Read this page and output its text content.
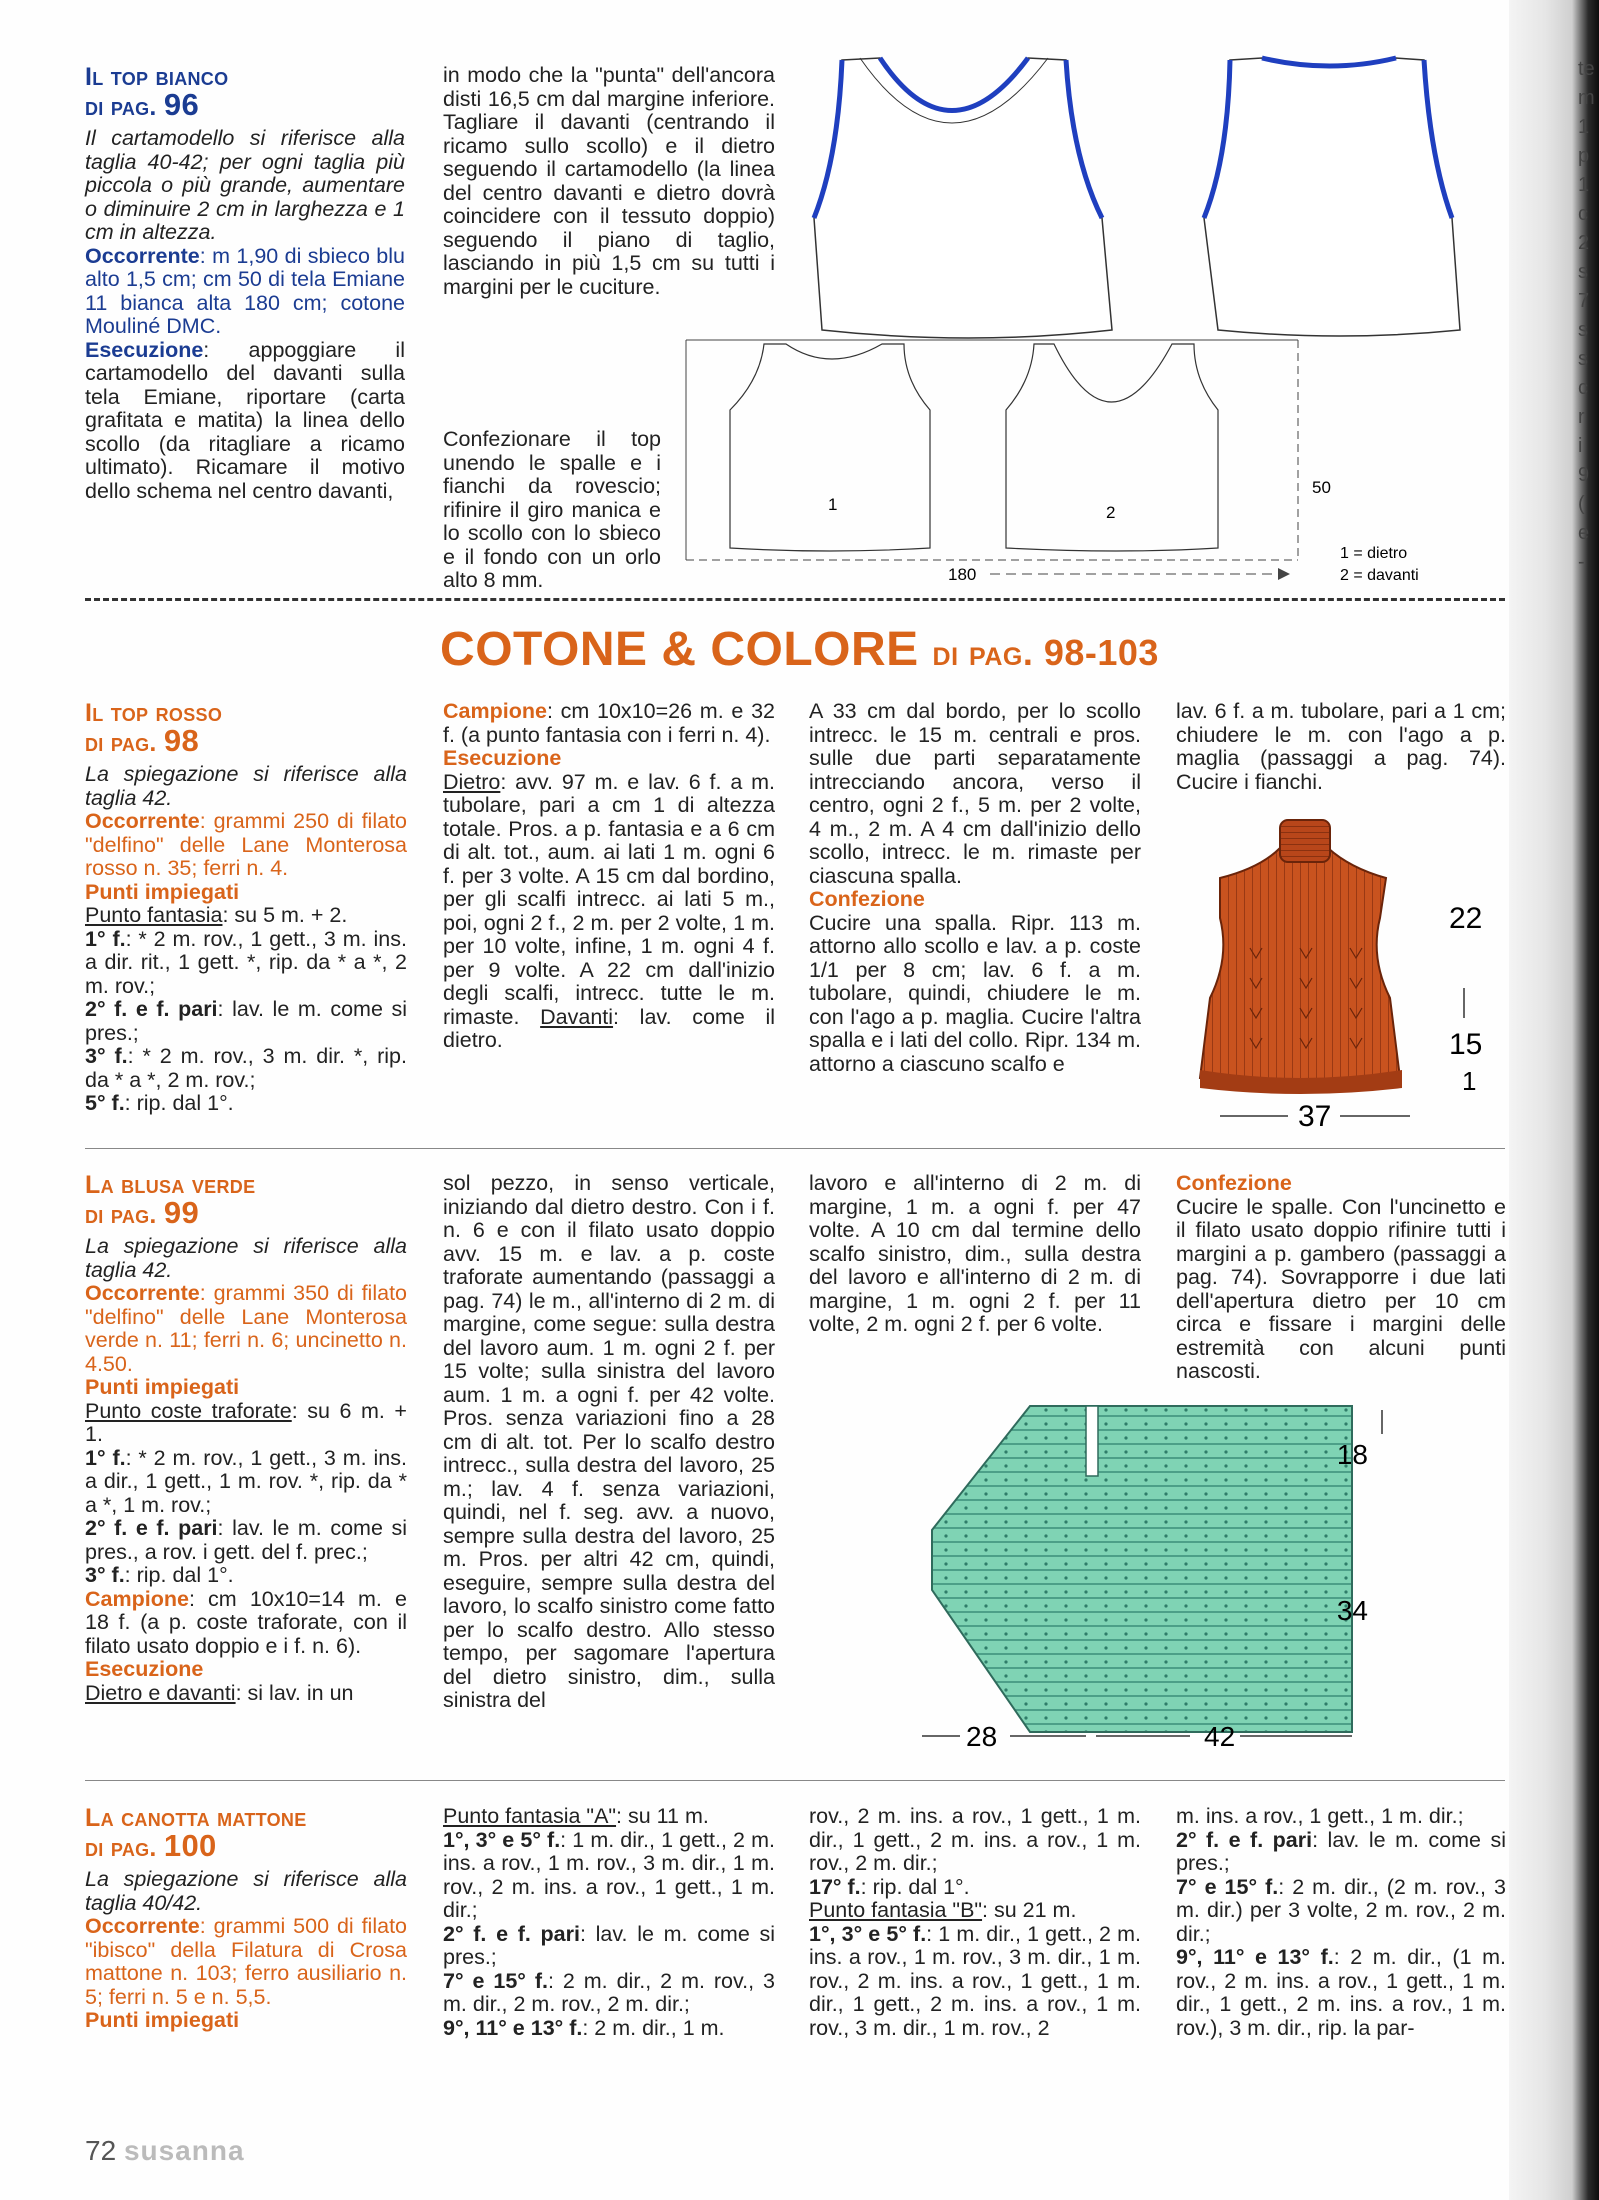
te
m
1
p
1
c
2
s
7
s
s
c
r
i
9
(
e
-
Il top bianco
di pag. 96

Il cartamodello si riferisce alla taglia 40-42; per ogni taglia più piccola o più grande, aumentare o diminuire 2 cm in larghezza e 1 cm in altezza.

Occorrente: m 1,90 di sbieco blu alto 1,5 cm; cm 50 di tela Emiane 11 bianca alta 180 cm; cotone Mouliné DMC.

Esecuzione: appoggiare il cartamodello del davanti sulla tela Emiane, riportare (carta grafitata e matita) la linea dello scollo (da ritagliare a ricamo ultimato). Ricamare il motivo dello schema nel centro davanti,

in modo che la "punta" dell'ancora disti 16,5 cm dal margine inferiore. Tagliare il davanti (centrando il ricamo sullo scollo) e il dietro seguendo il cartamodello (la linea del centro davanti e dietro dovrà coincidere con il tessuto doppio) seguendo il piano di taglio, lasciando in più 1,5 cm su tutti i margini per le cuciture.

Confezionare il top unendo le spalle e i fianchi da rovescio; rifinire il giro manica e lo scollo con lo sbieco e il fondo con un orlo alto 8 mm.

1	2
50
180
1 = dietro
2 = davanti
COTONE & COLORE di pag. 98-103
Il top rosso
di pag. 98

La spiegazione si riferisce alla taglia 42.

Occorrente: grammi 250 di filato "delfino" delle Lane Monterosa rosso n. 35; ferri n. 4.

Punti impiegati

Punto fantasia: su 5 m. + 2.

1° f.: * 2 m. rov., 1 gett., 3 m. ins. a dir. rit., 1 gett. *, rip. da * a *, 2 m. rov.;

2° f. e f. pari: lav. le m. come si pres.;

3° f.: * 2 m. rov., 3 m. dir. *, rip. da * a *, 2 m. rov.;

5° f.: rip. dal 1°.

Campione: cm 10x10=26 m. e 32 f. (a punto fantasia con i ferri n. 4).

Esecuzione

Dietro: avv. 97 m. e lav. 6 f. a m. tubolare, pari a cm 1 di altezza totale. Pros. a p. fantasia e a 6 cm di alt. tot., aum. ai lati 1 m. ogni 6 f. per 3 volte. A 15 cm dal bordino, per gli scalfi intrecc. ai lati 5 m., poi, ogni 2 f., 2 m. per 2 volte, 1 m. per 10 volte, infine, 1 m. ogni 4 f. per 9 volte. A 22 cm dall'inizio degli scalfi, intrecc. tutte le m. rimaste. Davanti: lav. come il dietro.

A 33 cm dal bordo, per lo scollo intrecc. le 15 m. centrali e pros. sulle due parti separatamente intrecciando ancora, verso il centro, ogni 2 f., 5 m. per 2 volte, 4 m., 2 m. A 4 cm dall'inizio dello scollo, intrecc. le m. rimaste per ciascuna spalla.

Confezione

Cucire una spalla. Ripr. 113 m. attorno allo scollo e lav. a p. coste 1/1 per 8 cm; lav. 6 f. a m. tubolare, quindi, chiudere le m. con l'ago a p. maglia. Cucire l'altra spalla e i lati del collo. Ripr. 134 m. attorno a ciascuno scalfo e

lav. 6 f. a m. tubolare, pari a 1 cm; chiudere le m. con l'ago a p. maglia (passaggi a pag. 74). Cucire i fianchi.

22
15
1
37
La blusa verde
di pag. 99

La spiegazione si riferisce alla taglia 42.

Occorrente: grammi 350 di filato "delfino" delle Lane Monterosa verde n. 11; ferri n. 6; uncinetto n. 4.50.

Punti impiegati

Punto coste traforate: su 6 m. + 1.

1° f.: * 2 m. rov., 1 gett., 3 m. ins. a dir., 1 gett., 1 m. rov. *, rip. da * a *, 1 m. rov.;

2° f. e f. pari: lav. le m. come si pres., a rov. i gett. del f. prec.;

3° f.: rip. dal 1°.

Campione: cm 10x10=14 m. e 18 f. (a p. coste traforate, con il filato usato doppio e i f. n. 6).

Esecuzione

Dietro e davanti: si lav. in un

sol pezzo, in senso verticale, iniziando dal dietro destro. Con i f. n. 6 e con il filato usato doppio avv. 15 m. e lav. a p. coste traforate aumentando (passaggi a pag. 74) le m., all'interno di 2 m. di margine, come segue: sulla destra del lavoro aum. 1 m. ogni 2 f. per 15 volte; sulla sinistra del lavoro aum. 1 m. a ogni f. per 42 volte. Pros. senza variazioni fino a 28 cm di alt. tot. Per lo scalfo destro intrecc., sulla destra del lavoro, 25 m.; lav. 4 f. senza variazioni, quindi, nel f. seg. avv. a nuovo, sempre sulla destra del lavoro, 25 m. Pros. per altri 42 cm, quindi, eseguire, sempre sulla destra del lavoro, lo scalfo sinistro come fatto per lo scalfo destro. Allo stesso tempo, per sagomare l'apertura del dietro sinistro, dim., sulla sinistra del

lavoro e all'interno di 2 m. di margine, 1 m. a ogni f. per 47 volte. A 10 cm dal termine dello scalfo sinistro, dim., sulla destra del lavoro e all'interno di 2 m. di margine, 1 m. ogni 2 f. per 11 volte, 2 m. ogni 2 f. per 6 volte.

Confezione

Cucire le spalle. Con l'uncinetto e il filato usato doppio rifinire tutti i margini a p. gambero (passaggi a pag. 74). Sovrapporre i due lati dell'apertura dietro per 10 cm circa e fissare i margini delle estremità con alcuni punti nascosti.

18
34
28	42
La canotta mattone
di pag. 100

La spiegazione si riferisce alla taglia 40/42.

Occorrente: grammi 500 di filato "ibisco" della Filatura di Crosa mattone n. 103; ferro ausiliario n. 5; ferri n. 5 e n. 5,5.

Punti impiegati

Punto fantasia "A": su 11 m.

1°, 3° e 5° f.: 1 m. dir., 1 gett., 2 m. ins. a rov., 1 m. rov., 3 m. dir., 1 m. rov., 2 m. ins. a rov., 1 gett., 1 m. dir.;

2° f. e f. pari: lav. le m. come si pres.;

7° e 15° f.: 2 m. dir., 2 m. rov., 3 m. dir., 2 m. rov., 2 m. dir.;

9°, 11° e 13° f.: 2 m. dir., 1 m.

rov., 2 m. ins. a rov., 1 gett., 1 m. dir., 1 gett., 2 m. ins. a rov., 1 m. rov., 2 m. dir.;

17° f.: rip. dal 1°.

Punto fantasia "B": su 21 m.

1°, 3° e 5° f.: 1 m. dir., 1 gett., 2 m. ins. a rov., 1 m. rov., 3 m. dir., 1 m. rov., 2 m. ins. a rov., 1 gett., 1 m. dir., 1 gett., 2 m. ins. a rov., 1 m. rov., 3 m. dir., 1 m. rov., 2

m. ins. a rov., 1 gett., 1 m. dir.;

2° f. e f. pari: lav. le m. come si pres.;

7° e 15° f.: 2 m. dir., (2 m. rov., 3 m. dir.) per 3 volte, 2 m. rov., 2 m. dir.;

9°, 11° e 13° f.: 2 m. dir., (1 m. rov., 2 m. ins. a rov., 1 gett., 1 m. dir., 1 gett., 2 m. ins. a rov., 1 m. rov.), 3 m. dir., rip. la par-

72 susanna
